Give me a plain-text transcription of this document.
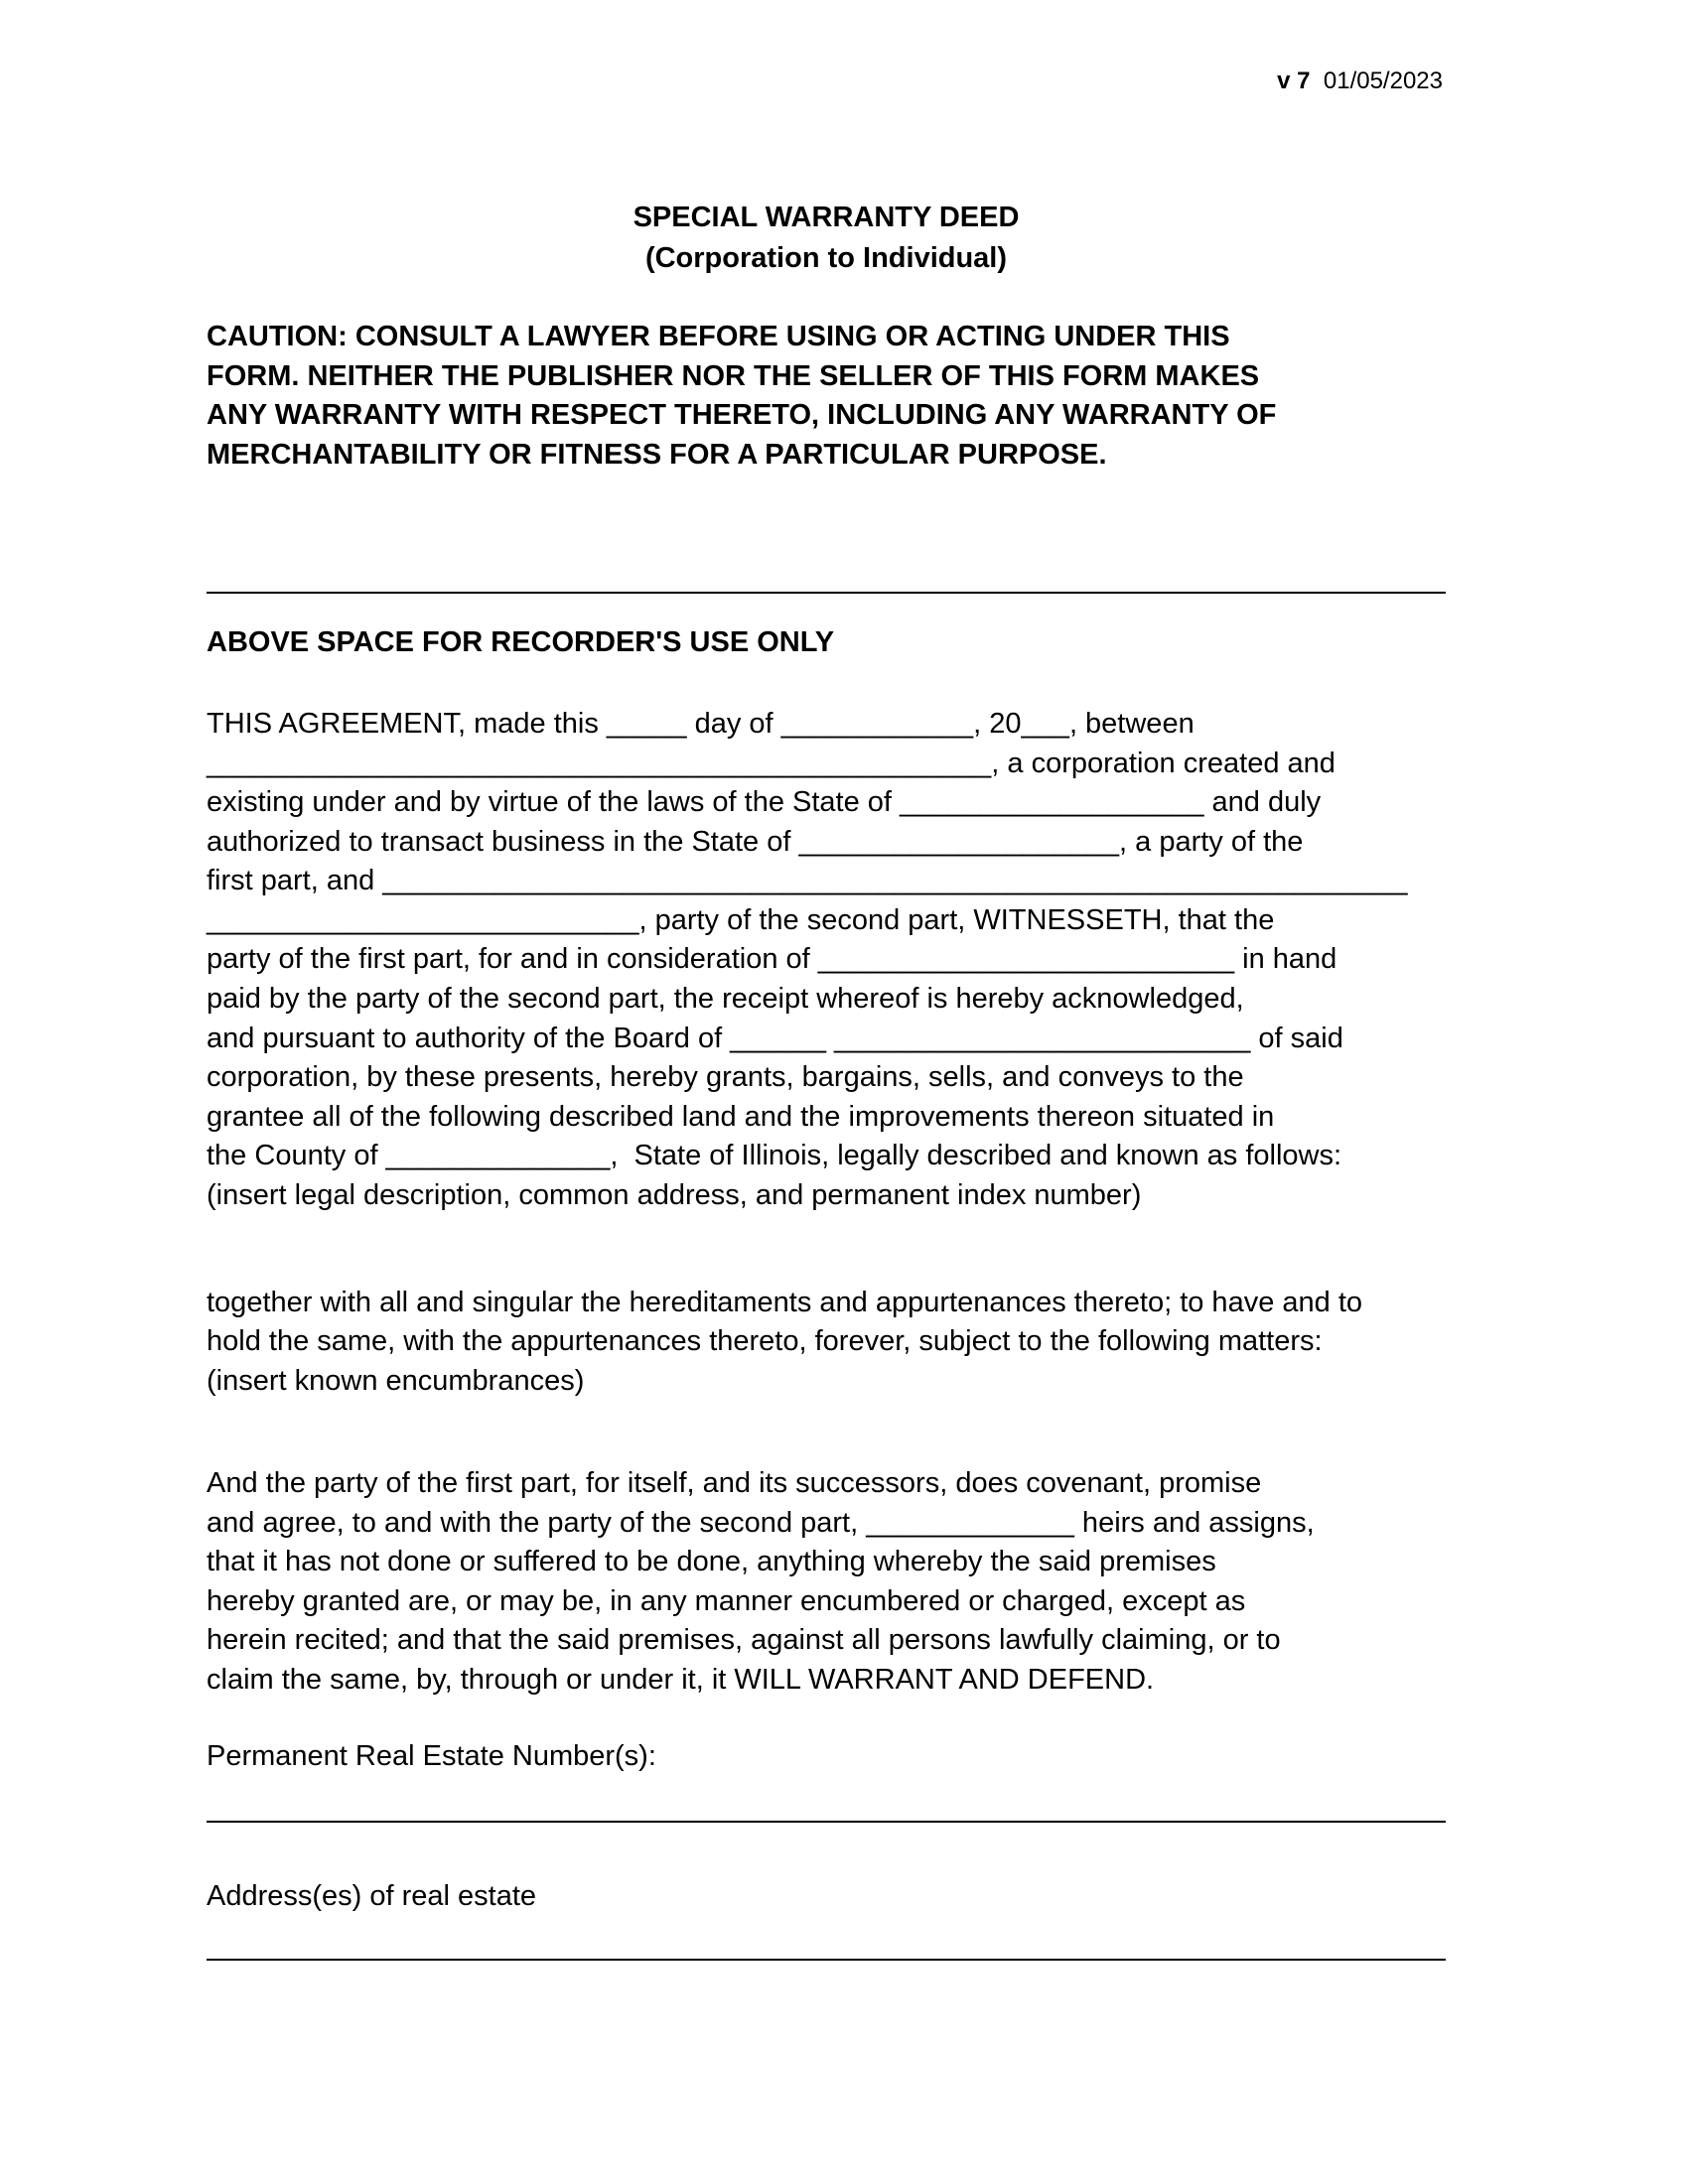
v 7 01/05/2023
SPECIAL WARRANTY DEED
(Corporation to Individual)
CAUTION: CONSULT A LAWYER BEFORE USING OR ACTING UNDER THIS
FORM. NEITHER THE PUBLISHER NOR THE SELLER OF THIS FORM MAKES
ANY WARRANTY WITH RESPECT THERETO, INCLUDING ANY WARRANTY OF
MERCHANTABILITY OR FITNESS FOR A PARTICULAR PURPOSE.
ABOVE SPACE FOR RECORDER'S USE ONLY
THIS AGREEMENT, made this _____ day of ____________, 20___, between
_________________________________________________, a corporation created and
existing under and by virtue of the laws of the State of ___________________ and duly
authorized to transact business in the State of ____________________, a party of the
first part, and ________________________________________________________________
___________________________, party of the second part, WITNESSETH, that the
party of the first part, for and in consideration of __________________________ in hand
paid by the party of the second part, the receipt whereof is hereby acknowledged,
and pursuant to authority of the Board of ______ __________________________ of said
corporation, by these presents, hereby grants, bargains, sells, and conveys to the
grantee all of the following described land and the improvements thereon situated in
the County of ______________,  State of Illinois, legally described and known as follows:
(insert legal description, common address, and permanent index number)
together with all and singular the hereditaments and appurtenances thereto; to have and to
hold the same, with the appurtenances thereto, forever, subject to the following matters:
(insert known encumbrances)
And the party of the first part, for itself, and its successors, does covenant, promise
and agree, to and with the party of the second part, _____________ heirs and assigns,
that it has not done or suffered to be done, anything whereby the said premises
hereby granted are, or may be, in any manner encumbered or charged, except as
herein recited; and that the said premises, against all persons lawfully claiming, or to
claim the same, by, through or under it, it WILL WARRANT AND DEFEND.
Permanent Real Estate Number(s):
Address(es) of real estate
